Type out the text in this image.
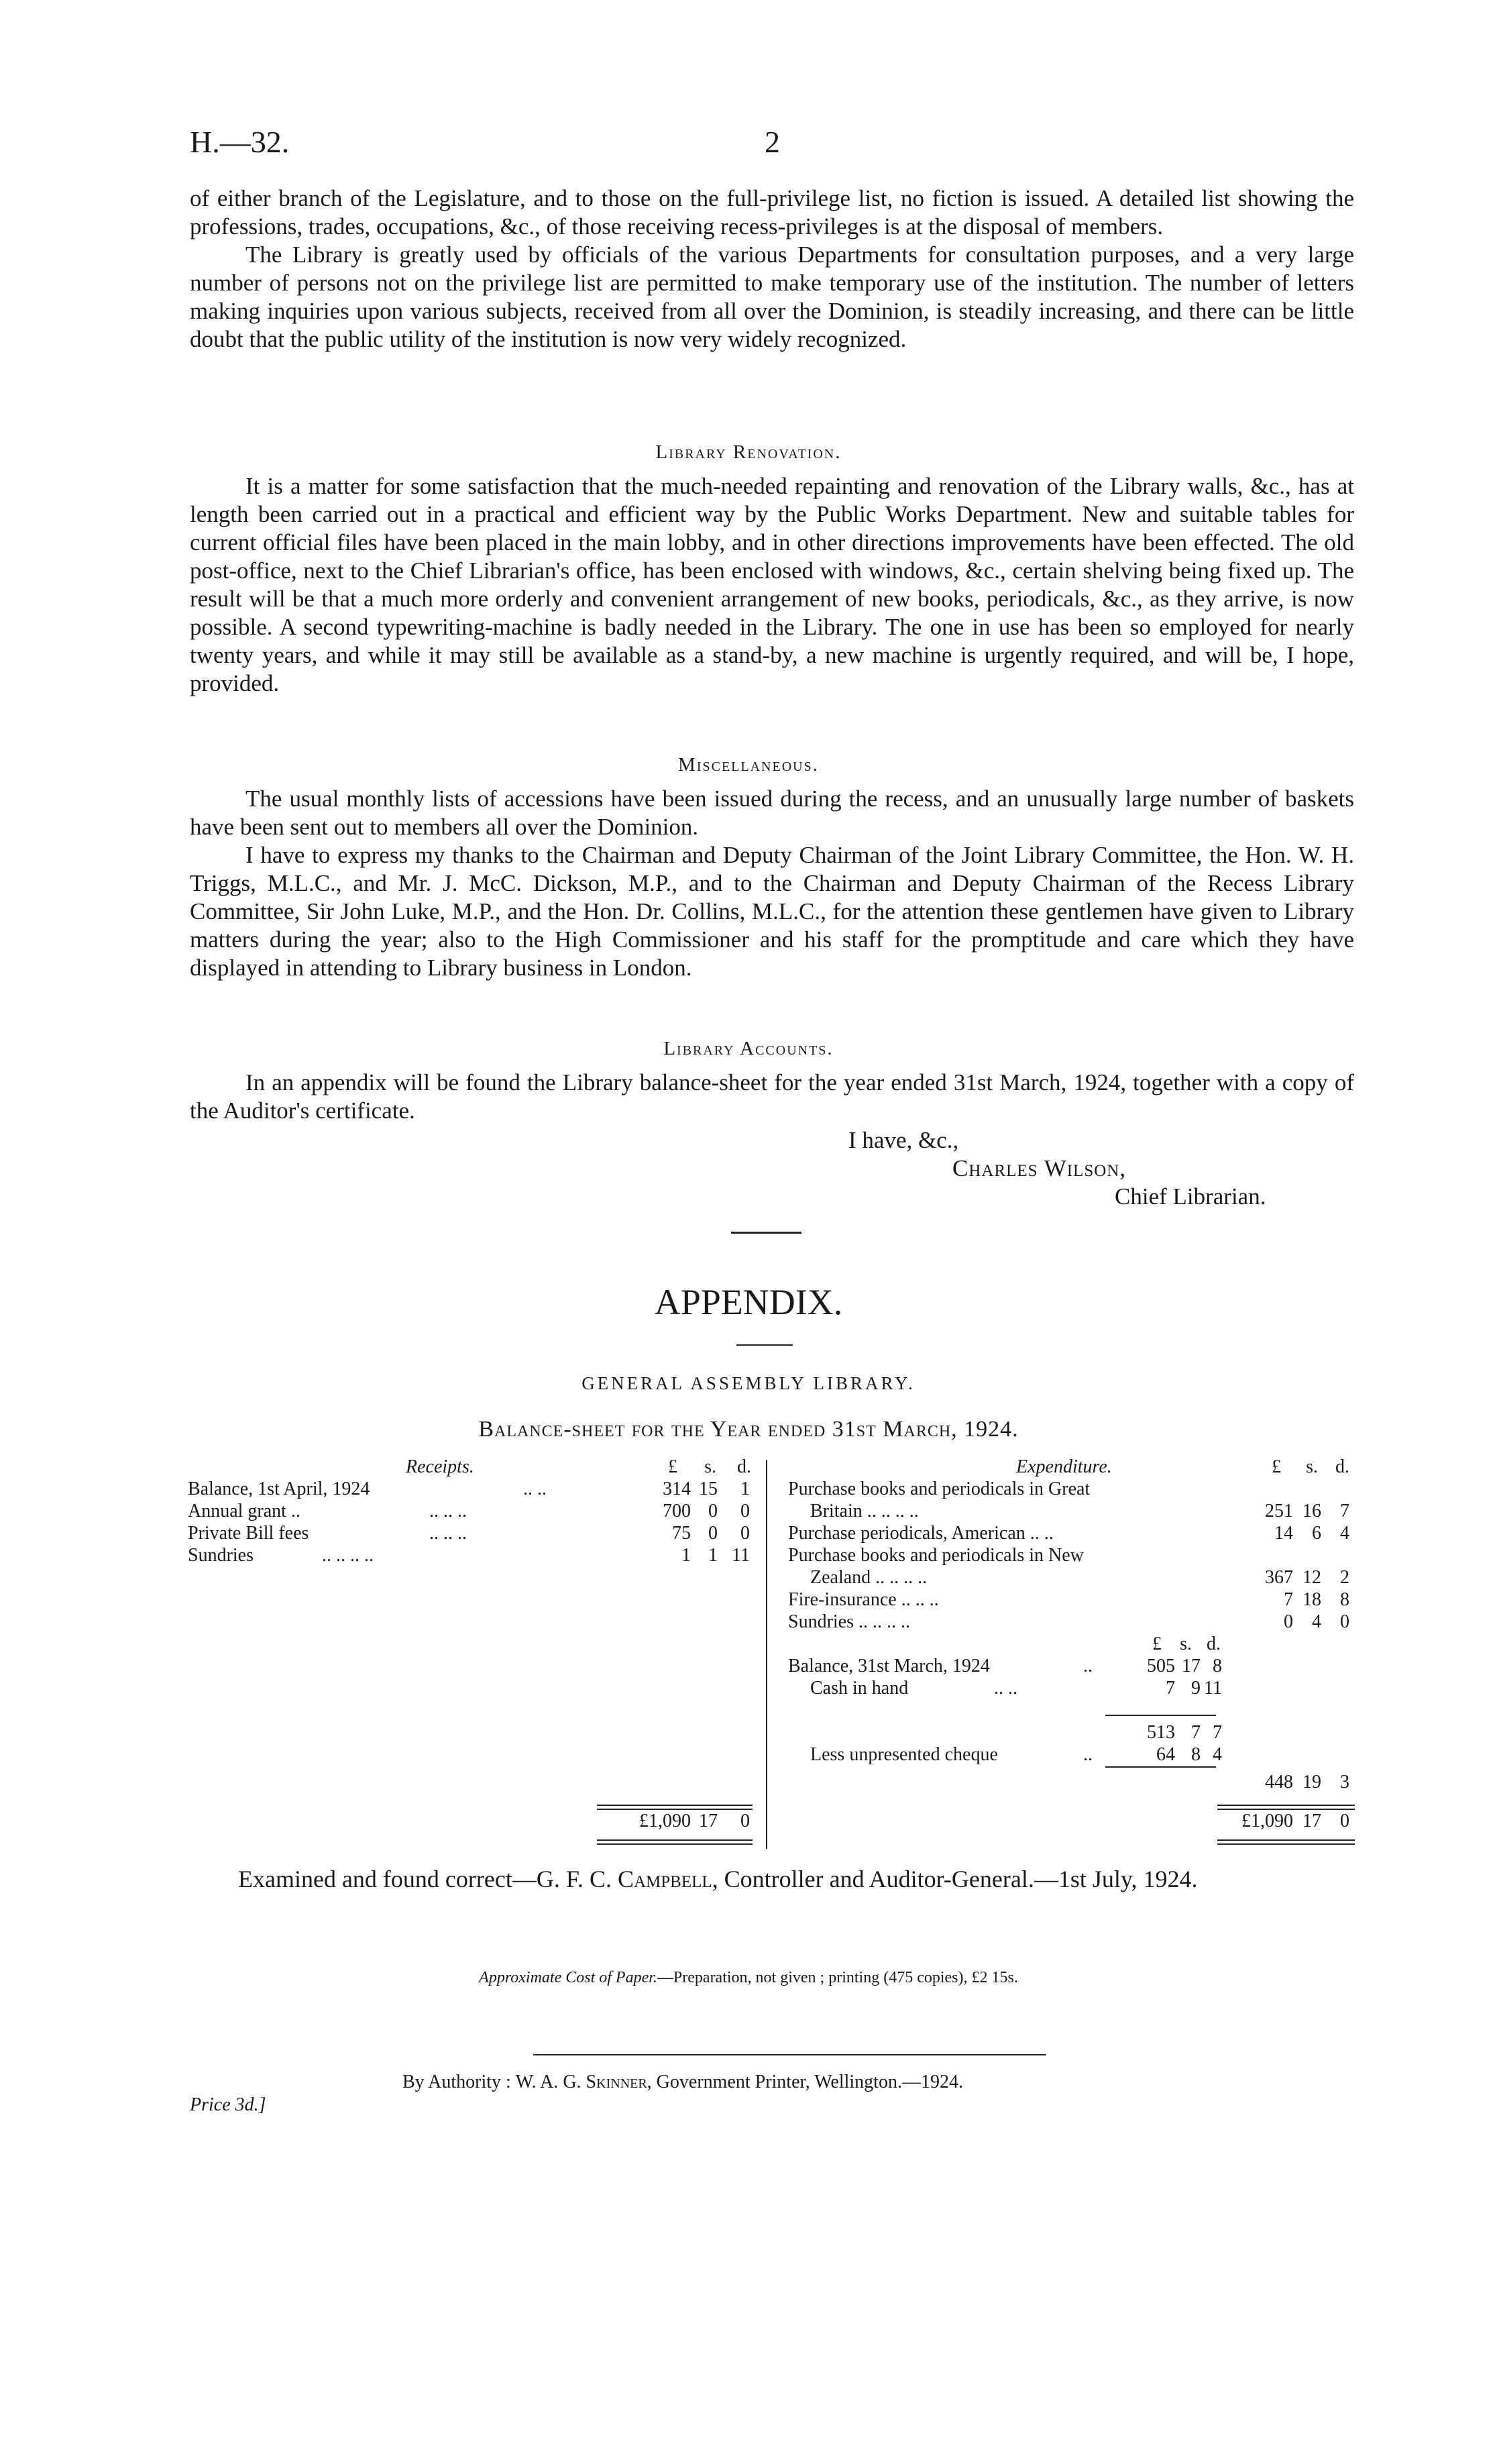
H.—32.	2

of either branch of the Legislature, and to those on the full-privilege list, no fiction is issued. A detailed list showing the professions, trades, occupations, &c., of those receiving recess-privileges is at the disposal of members.

The Library is greatly used by officials of the various Departments for consultation purposes, and a very large number of persons not on the privilege list are permitted to make temporary use of the institution. The number of letters making inquiries upon various subjects, received from all over the Dominion, is steadily increasing, and there can be little doubt that the public utility of the institution is now very widely recognized.

Library Renovation.

It is a matter for some satisfaction that the much-needed repainting and renovation of the Library walls, &c., has at length been carried out in a practical and efficient way by the Public Works Department. New and suitable tables for current official files have been placed in the main lobby, and in other directions improvements have been effected. The old post-office, next to the Chief Librarian's office, has been enclosed with windows, &c., certain shelving being fixed up. The result will be that a much more orderly and convenient arrangement of new books, periodicals, &c., as they arrive, is now possible. A second typewriting-machine is badly needed in the Library. The one in use has been so employed for nearly twenty years, and while it may still be available as a stand-by, a new machine is urgently required, and will be, I hope, provided.

Miscellaneous.

The usual monthly lists of accessions have been issued during the recess, and an unusually large number of baskets have been sent out to members all over the Dominion.

I have to express my thanks to the Chairman and Deputy Chairman of the Joint Library Committee, the Hon. W. H. Triggs, M.L.C., and Mr. J. McC. Dickson, M.P., and to the Chairman and Deputy Chairman of the Recess Library Committee, Sir John Luke, M.P., and the Hon. Dr. Collins, M.L.C., for the attention these gentlemen have given to Library matters during the year; also to the High Commissioner and his staff for the promptitude and care which they have displayed in attending to Library business in London.

Library Accounts.

In an appendix will be found the Library balance-sheet for the year ended 31st March, 1924, together with a copy of the Auditor's certificate.

I have, &c.,
Charles Wilson,
Chief Librarian.
APPENDIX.
GENERAL ASSEMBLY LIBRARY.
Balance-sheet for the Year ended 31st March, 1924.
Receipts.	£ s. d.
Balance, 1st April, 1924	.. ..	314 15 1
Annual grant ..	.. .. ..	700 0 0
Private Bill fees	.. .. ..	75 0 0
Sundries	.. .. .. ..	1 1 11
£1,090 17 0
Expenditure.	£ s. d.
Purchase books and periodicals in Great
Britain .. .. .. ..	251 16 7
Purchase periodicals, American .. ..	14 6 4
Purchase books and periodicals in New
Zealand .. .. .. ..	367 12 2
Fire-insurance .. .. ..	7 18 8
Sundries .. .. .. ..	0 4 0
£ s. d.
Balance, 31st March, 1924	..	505 17 8
Cash in hand	.. ..	7 9 11
513 7 7
Less unpresented cheque	..	64 8 4
448 19 3
£1,090 17 0
Examined and found correct—G. F. C. Campbell, Controller and Auditor-General.—1st July, 1924.
Approximate Cost of Paper.—Preparation, not given ; printing (475 copies), £2 15s.
By Authority : W. A. G. Skinner, Government Printer, Wellington.—1924.
Price 3d.]
